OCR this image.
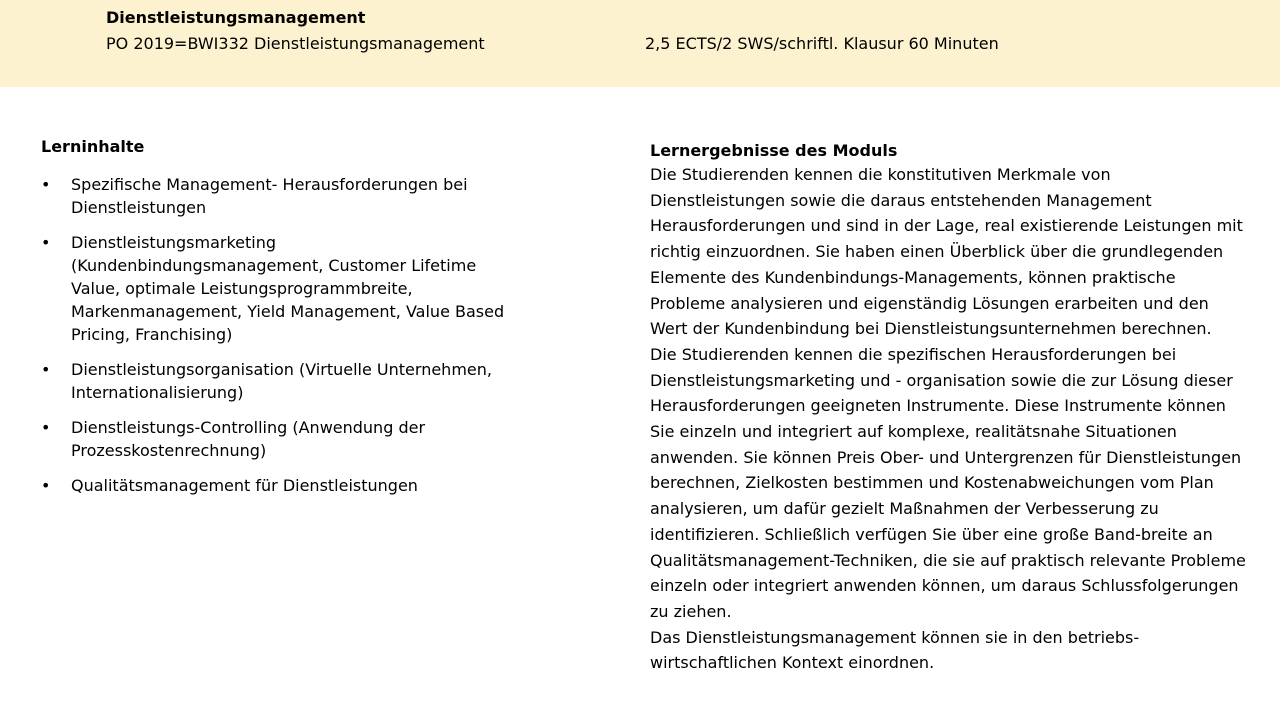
Dienstleistungsmanagement
PO 2019=BWI332 Dienstleistungsmanagement	2,5 ECTS/2 SWS/schriftl. Klausur 60 Minuten
Lerninhalte
• Spezifische Management- Herausforderungen bei Dienstleistungen
• Dienstleistungsmarketing (Kundenbindungsmanagement, Customer Lifetime Value, optimale Leistungsprogrammbreite, Markenmanagement, Yield Management, Value Based Pricing, Franchising)
• Dienstleistungsorganisation (Virtuelle Unternehmen, Internationalisierung)
• Dienstleistungs-Controlling (Anwendung der Prozesskostenrechnung)
• Qualitätsmanagement für Dienstleistungen
Lernergebnisse des Moduls

Die Studierenden kennen die konstitutiven Merkmale von Dienstleistungen sowie die daraus entstehenden Management Herausforderungen und sind in der Lage, real existierende Leistungen mit richtig einzuordnen. Sie haben einen Überblick über die grundlegenden Elemente des Kundenbindungs-Managements, können praktische Probleme analysieren und eigenständig Lösungen erarbeiten und den Wert der Kundenbindung bei Dienstleistungsunternehmen berechnen.

Die Studierenden kennen die spezifischen Herausforderungen bei Dienstleistungsmarketing und - organisation sowie die zur Lösung dieser Herausforderungen geeigneten Instrumente. Diese Instrumente können Sie einzeln und integriert auf komplexe, realitätsnahe Situationen anwenden. Sie können Preis Ober- und Untergrenzen für Dienstleistungen berechnen, Zielkosten bestimmen und Kostenabweichungen vom Plan analysieren, um dafür gezielt Maßnahmen der Verbesserung zu identifizieren. Schließlich verfügen Sie über eine große Band-breite an Qualitätsmanagement-Techniken, die sie auf praktisch relevante Probleme einzeln oder integriert anwenden können, um daraus Schlussfolgerungen zu ziehen.

Das Dienstleistungsmanagement können sie in den betriebs-wirtschaftlichen Kontext einordnen.
